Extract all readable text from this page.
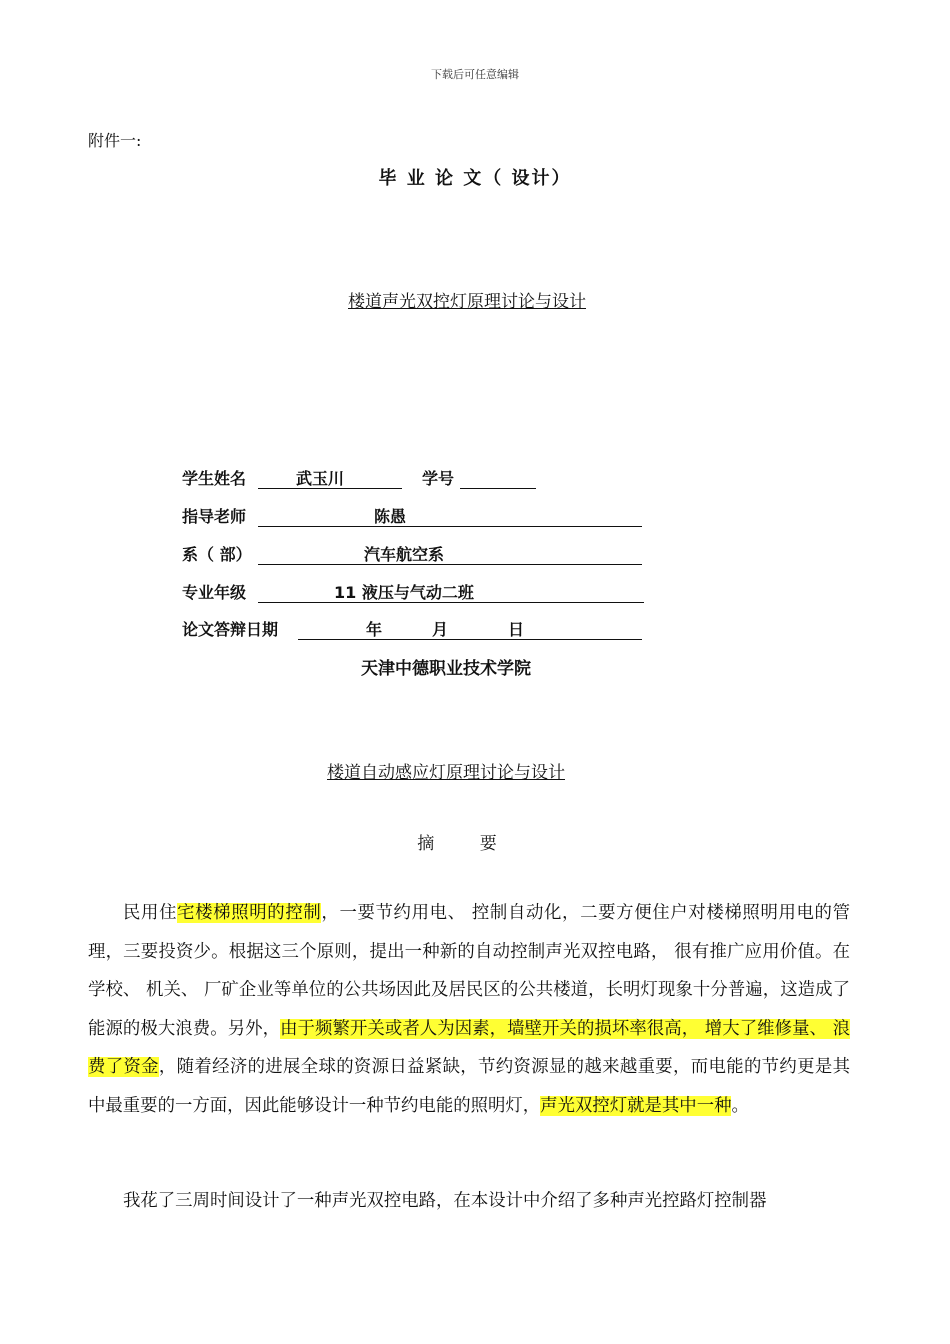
下载后可任意编辑
附件一:
毕 业 论 文（ 设计）
楼道声光双控灯原理讨论与设计
学生姓名	武玉川	学号
指导老师	陈愚
系（ 部）	汽车航空系
专业年级	11 液压与气动二班
论文答辩日期	年	月	日
天津中德职业技术学院
楼道自动感应灯原理讨论与设计
摘 要
民用住宅楼梯照明的控制，一要节约用电、 控制自动化，二要方便住户对楼梯照明用电的管理，三要投资少。根据这三个原则，提出一种新的自动控制声光双控电路， 很有推广应用价值。在学校、 机关、 厂矿企业等单位的公共场因此及居民区的公共楼道，长明灯现象十分普遍，这造成了能源的极大浪费。另外，由于频繁开关或者人为因素，墙壁开关的损坏率很高， 增大了维修量、 浪费了资金，随着经济的进展全球的资源日益紧缺，节约资源显的越来越重要，而电能的节约更是其中最重要的一方面，因此能够设计一种节约电能的照明灯，声光双控灯就是其中一种。
我花了三周时间设计了一种声光双控电路，在本设计中介绍了多种声光控路灯控制器
